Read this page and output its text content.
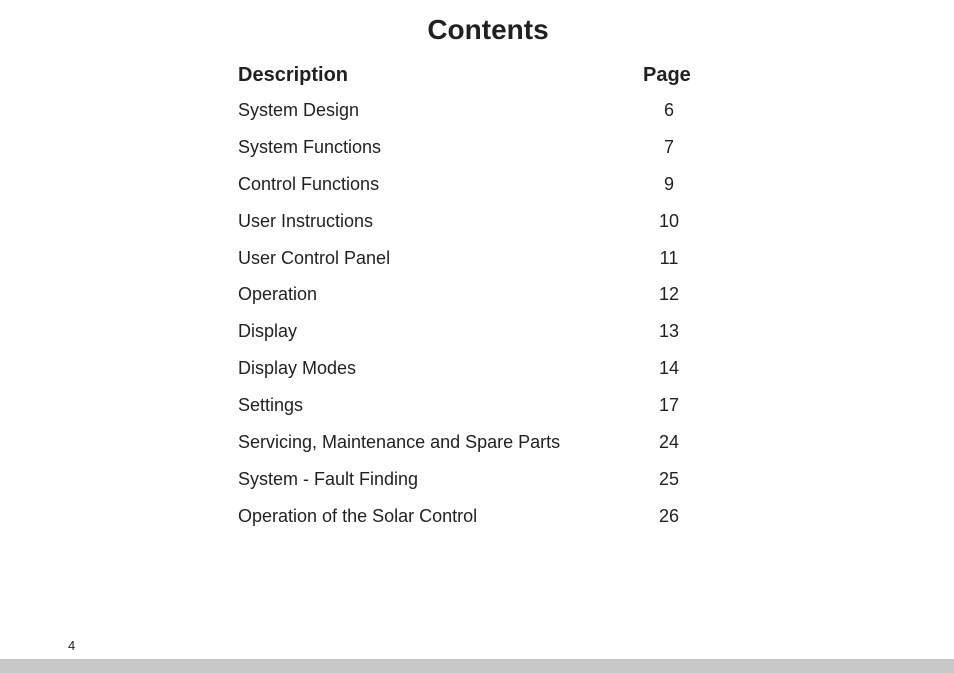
Contents
Description	Page
System Design	6
System Functions	7
Control Functions	9
User Instructions	10
User Control Panel	11
Operation	12
Display	13
Display Modes	14
Settings	17
Servicing, Maintenance and Spare Parts	24
System - Fault Finding	25
Operation of the Solar Control	26
4
